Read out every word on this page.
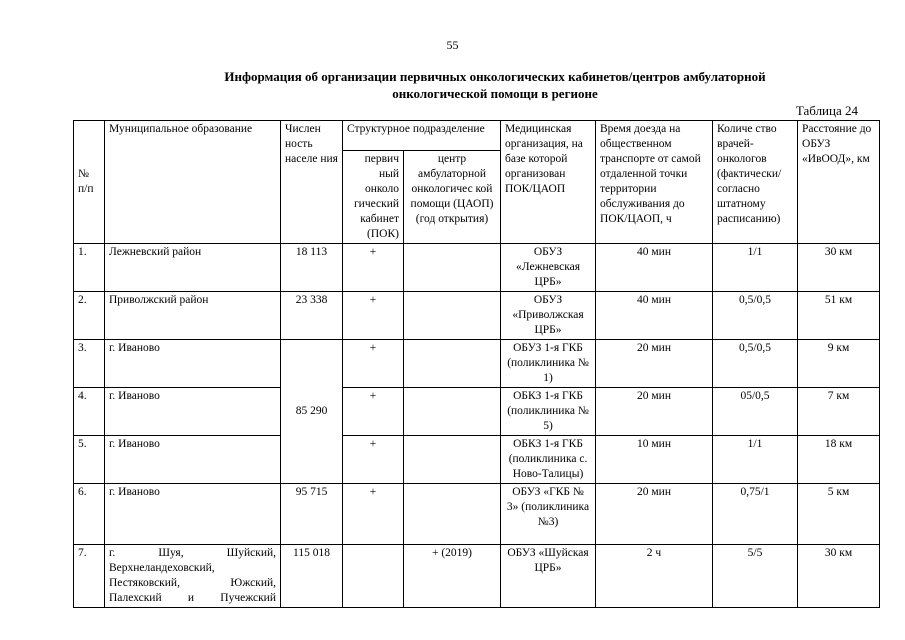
55
Информация об организации первичных онкологических кабинетов/центров амбулаторной
онкологической помощи в регионе
Таблица 24
№ п/п	Муниципальное образование	Числен ность населе ния	Структурное подразделение		Медицинская организация, на базе которой организован ПОК/ЦАОП	Время доезда на общественном транспорте от самой отдаленной точки территории обслуживания до ПОК/ЦАОП, ч	Количе ство врачей-онкологов (фактически/ согласно штатному расписанию)	Расстояние до ОБУЗ «ИвООД», км
			первич ный онколо гический кабинет (ПОК)	центр амбулаторной онкологичес кой помощи (ЦАОП) (год открытия)				
1.	Лежневский район	18 113	+		ОБУЗ «Лежневская ЦРБ»	40 мин	1/1	30 км
2.	Приволжский район	23 338	+		ОБУЗ «Приволжская ЦРБ»	40 мин	0,5/0,5	51 км
3.	г. Иваново	85 290	+		ОБУЗ 1-я ГКБ (поликлиника № 1)	20 мин	0,5/0,5	9 км
4.	г. Иваново		+		ОБКЗ 1-я ГКБ (поликлиника № 5)	20 мин	05/0,5	7 км
5.	г. Иваново		+		ОБКЗ 1-я ГКБ (поликлиника с. Ново-Талицы)	10 мин	1/1	18 км
6.	г. Иваново	95 715	+		ОБУЗ «ГКБ № 3» (поликлиника №3)	20 мин	0,75/1	5 км
7.	г. Шуя, Шуйский, Верхнеландеховский, Пестяковский, Южский, Палехский и Пучежский	115 018		+ (2019)	ОБУЗ «Шуйская ЦРБ»	2 ч	5/5	30 км
